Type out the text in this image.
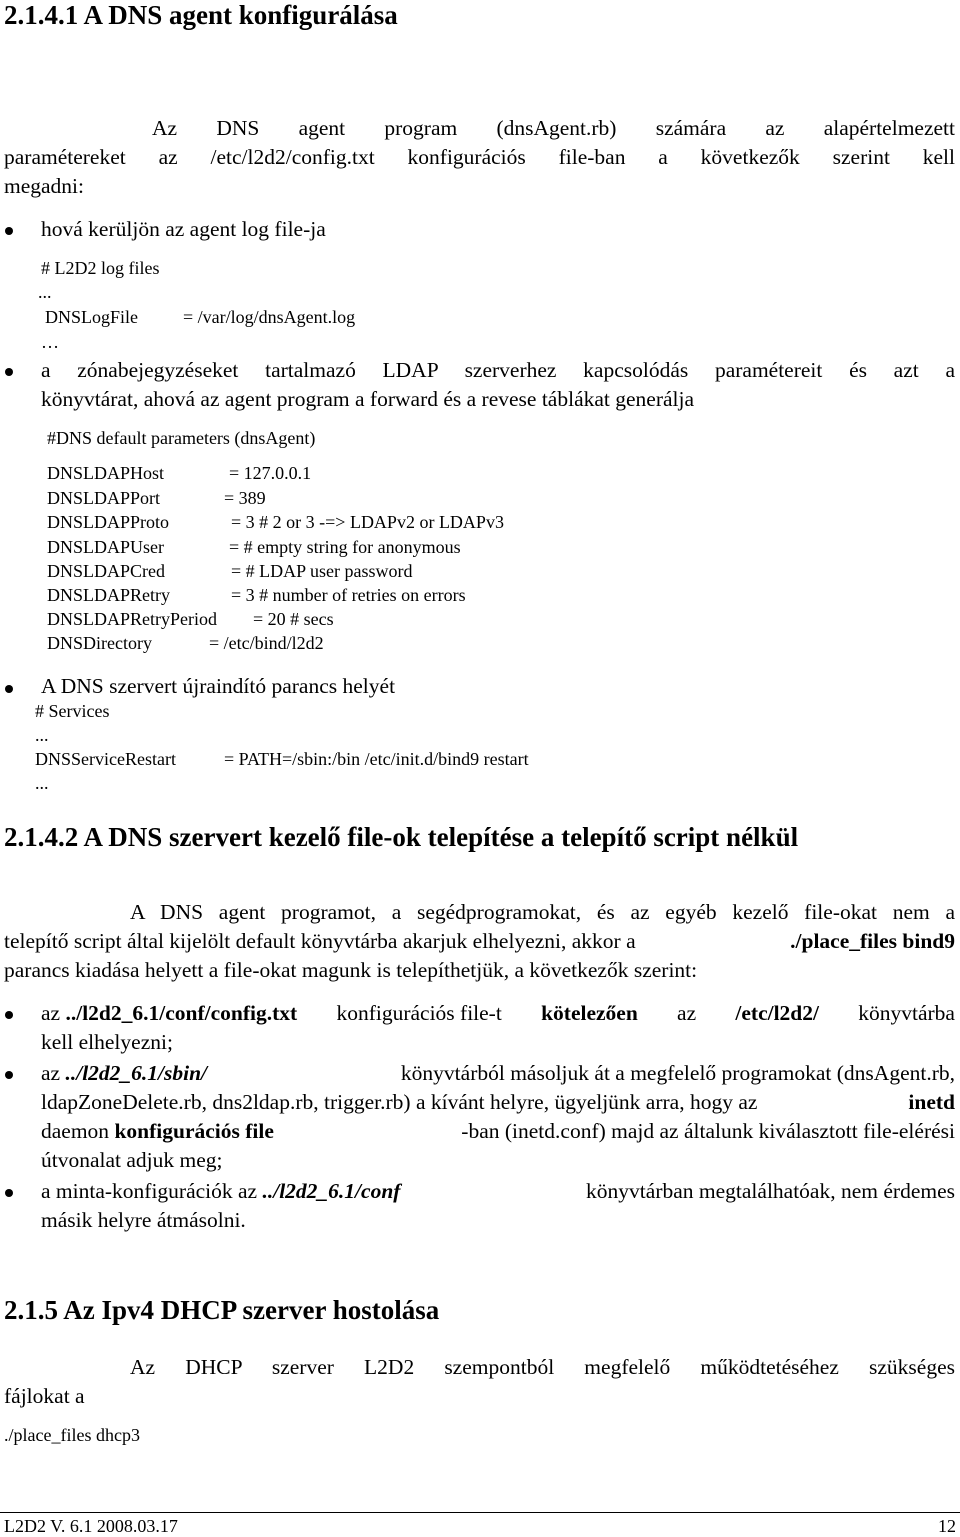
2.1.4.1 A DNS agent konfigurálása
Az DNS agent program (dnsAgent.rb) számára az alapértelmezett
paramétereket az /etc/l2d2/config.txt konfigurációs file-ban a következők szerint kell
megadni:
hová kerüljön az agent log file-ja
# L2D2 log files
...
DNSLogFile = /var/log/dnsAgent.log
…
a zónabejegyzéseket tartalmazó LDAP szerverhez kapcsolódás paramétereit és azt a
könyvtárat, ahová az agent program a forward és a revese táblákat generálja
#DNS default parameters (dnsAgent)
DNSLDAPHost	= 127.0.0.1
DNSLDAPPort	= 389
DNSLDAPProto	= 3 # 2 or 3 -=> LDAPv2 or LDAPv3
DNSLDAPUser	= # empty string for anonymous
DNSLDAPCred	= # LDAP user password
DNSLDAPRetry	= 3 # number of retries on errors
DNSLDAPRetryPeriod = 20 # secs
DNSDirectory	= /etc/bind/l2d2
A DNS szervert újraindító parancs helyét
# Services
...
DNSServiceRestart	= PATH=/sbin:/bin /etc/init.d/bind9 restart
...
2.1.4.2 A DNS szervert kezelő file-ok telepítése a telepítő script nélkül
A DNS agent programot, a segédprogramokat, és az egyéb kezelő file-okat nem a
telepítő script által kijelölt default könyvtárba akarjuk elhelyezni, akkor a	./place_files bind9
parancs kiadása helyett a file-okat magunk is telepíthetjük, a következők szerint:
az ../l2d2_6.1/conf/config.txt konfigurációs file-t kötelezően az /etc/l2d2/ könyvtárba
kell elhelyezni;
az ../l2d2_6.1/sbin/	könyvtárból másoljuk át a megfelelő programokat (dnsAgent.rb,
ldapZoneDelete.rb, dns2ldap.rb, trigger.rb) a kívánt helyre, ügyeljünk arra, hogy az	inetd
daemon konfigurációs file	-ban (inetd.conf) majd az általunk kiválasztott file-elérési
útvonalat adjuk meg;
a minta-konfigurációk az ../l2d2_6.1/conf	könyvtárban megtalálhatóak, nem érdemes
másik helyre átmásolni.
2.1.5 Az Ipv4 DHCP szerver hostolása
Az DHCP szerver L2D2 szempontból megfelelő működtetéséhez szükséges
fájlokat a
./place_files dhcp3
L2D2 V. 6.1 2008.03.17	12
